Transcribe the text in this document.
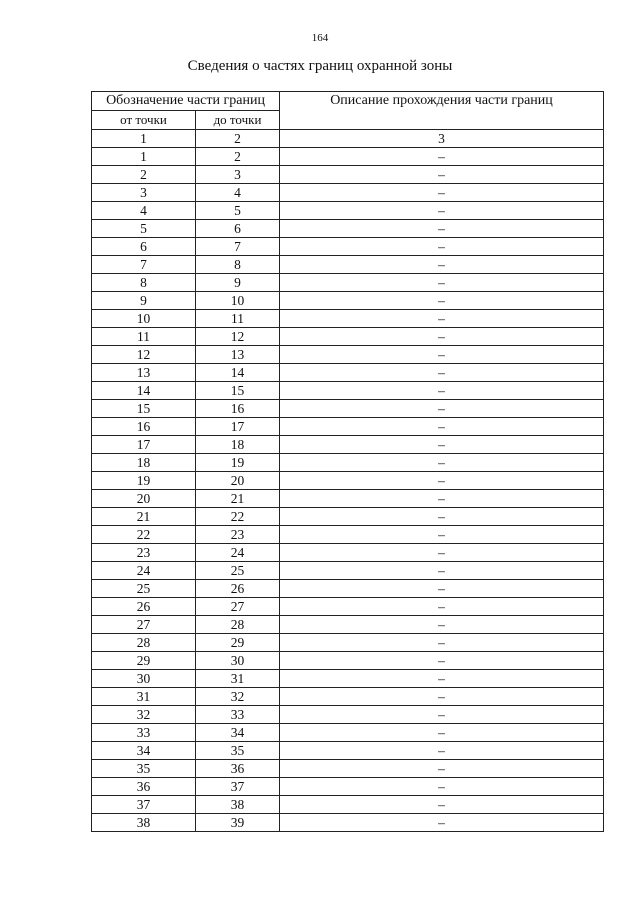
164
Сведения о частях границ охранной зоны
Обозначение части границ		Описание прохождения части границ
от точки	до точки	
1	2	3
1	2	–
2	3	–
3	4	–
4	5	–
5	6	–
6	7	–
7	8	–
8	9	–
9	10	–
10	11	–
11	12	–
12	13	–
13	14	–
14	15	–
15	16	–
16	17	–
17	18	–
18	19	–
19	20	–
20	21	–
21	22	–
22	23	–
23	24	–
24	25	–
25	26	–
26	27	–
27	28	–
28	29	–
29	30	–
30	31	–
31	32	–
32	33	–
33	34	–
34	35	–
35	36	–
36	37	–
37	38	–
38	39	–
